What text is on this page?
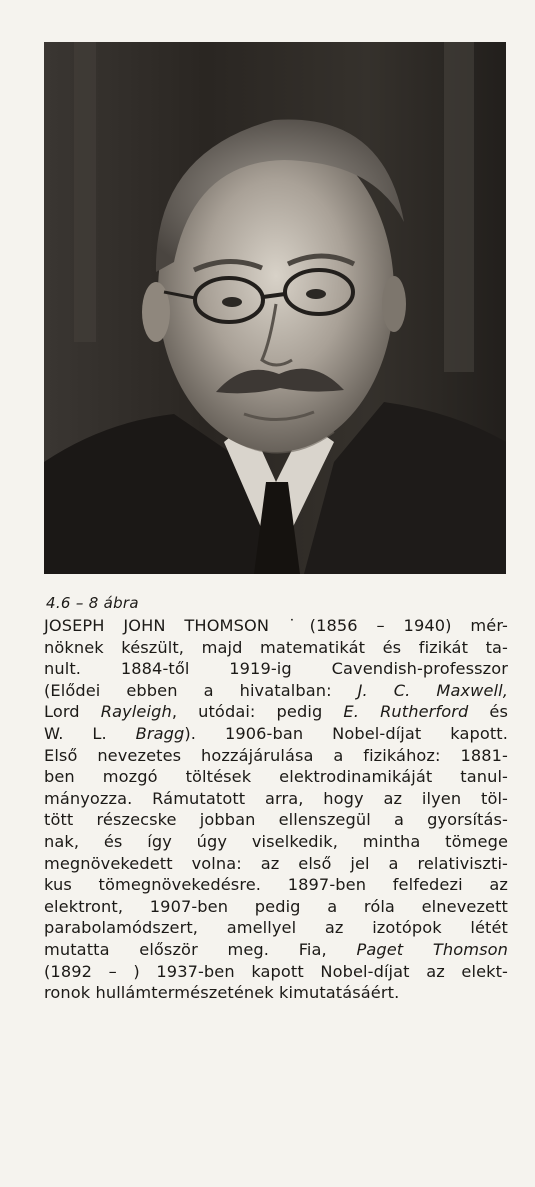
4.6 – 8 ábra

JOSEPH JOHN THOMSON ˙(1856 – 1940) mér-
nöknek készült, majd matematikát és fizikát ta-
nult. 1884-től 1919-ig Cavendish-professzor
(Elődei ebben a hivatalban: J. C. Maxwell,
Lord Rayleigh, utódai: pedig E. Rutherford és
W. L. Bragg). 1906-ban Nobel-díjat kapott.
Első nevezetes hozzájárulása a fizikához: 1881-
ben mozgó töltések elektrodinamikáját tanul-
mányozza. Rámutatott arra, hogy az ilyen töl-
tött részecske jobban ellenszegül a gyorsítás-
nak, és így úgy viselkedik, mintha tömege
megnövekedett volna: az első jel a relativiszti-
kus tömegnövekedésre. 1897-ben felfedezi az
elektront, 1907-ben pedig a róla elnevezett
parabolamódszert, amellyel az izotópok létét
mutatta először meg. Fia, Paget Thomson
(1892 – ) 1937-ben kapott Nobel-díjat az elekt-
ronok hullámtermészetének kimutatásáért.
